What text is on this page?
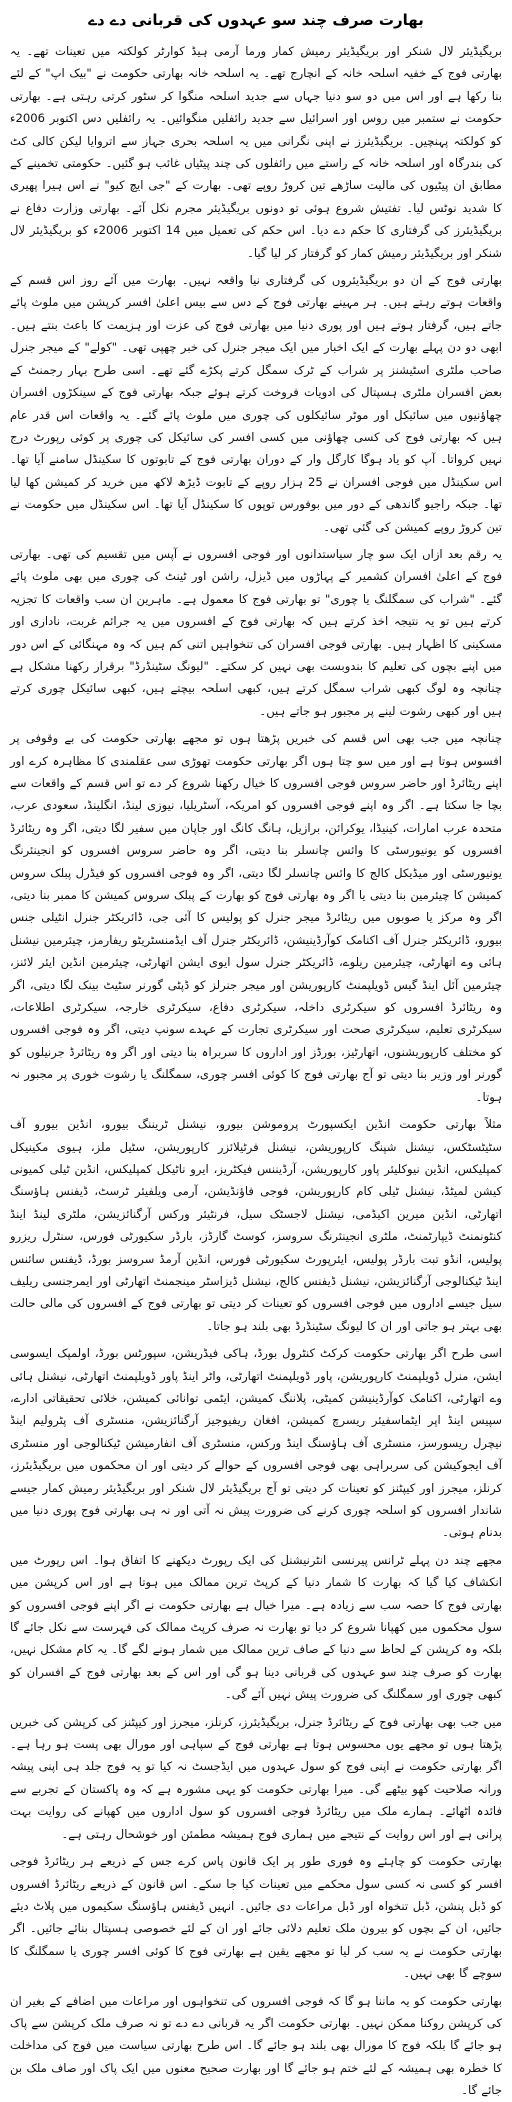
بھارت صرف چند سو عہدوں کی قربانی دے دے

بریگیڈیئر لال شنکر اور بریگیڈیئر رمیش کمار ورما آرمی ہیڈ کوارٹر کولکتہ میں تعینات تھے۔ یہ بھارتی فوج کے خفیہ اسلحہ خانہ کے انچارج تھے۔ یہ اسلحہ خانہ بھارتی حکومت نے "بیک اپ" کے لئے بنا رکھا ہے اور اس میں دو سو دنیا جہاں سے جدید اسلحہ منگوا کر سٹور کرتی رہتی ہے۔ بھارتی حکومت نے ستمبر میں روس اور اسرائیل سے جدید رائفلیں منگوائیں۔ یہ رائفلیں دس اکتوبر 2006ء کو کولکتہ پہنچیں۔ بریگیڈیئرز نے اپنی نگرانی میں یہ اسلحہ بحری جہاز سے اتروایا لیکن کالی کٹ کی بندرگاہ اور اسلحہ خانہ کے راستے میں رائفلوں کی چند پیٹیاں غائب ہو گئیں۔ حکومتی تخمینے کے مطابق ان پیٹیوں کی مالیت ساڑھے تین کروڑ روپے تھی۔ بھارت کے "جی ایچ کیو" نے اس ہیرا پھیری کا شدید نوٹس لیا۔ تفتیش شروع ہوئی تو دونوں بریگیڈیئر مجرم نکل آئے۔ بھارتی وزارت دفاع نے بریگیڈیئرز کی گرفتاری کا حکم دے دیا۔ اس حکم کی تعمیل میں 14 اکتوبر 2006ء کو بریگیڈیئر لال شنکر اور بریگیڈیئر رمیش کمار کو گرفتار کر لیا گیا۔

بھارتی فوج کے ان دو بریگیڈیئروں کی گرفتاری نیا واقعہ نہیں۔ بھارت میں آئے روز اس قسم کے واقعات ہوتے رہتے ہیں۔ ہر مہینے بھارتی فوج کے دس سے بیس اعلیٰ افسر کرپشن میں ملوث پائے جاتے ہیں، گرفتار ہوتے ہیں اور پوری دنیا میں بھارتی فوج کی عزت اور ہزیمت کا باعث بنتے ہیں۔ ابھی دو دن پہلے بھارت کے ایک اخبار میں ایک میجر جنرل کی خبر چھپی تھی۔ "کولے" کے میجر جنرل صاحب ملٹری اسٹیشنز پر شراب کے ٹرک سمگل کرتے پکڑے گئے تھے۔ اسی طرح بہار رجمنٹ کے بعض افسران ملٹری ہسپتال کی ادویات فروخت کرتے ہوئے جبکہ بھارتی فوج کے سینکڑوں افسران چھاؤنیوں میں سائیکل اور موٹر سائیکلوں کی چوری میں ملوث پائے گئے۔ یہ واقعات اس قدر عام ہیں کہ بھارتی فوج کی کسی چھاؤنی میں کسی افسر کی سائیکل کی چوری پر کوئی رپورٹ درج نہیں کرواتا۔ آپ کو یاد ہوگا کارگل وار کے دوران بھارتی فوج کے تابوتوں کا سکینڈل سامنے آیا تھا۔ اس سکینڈل میں فوجی افسران نے 25 ہزار روپے کے تابوت ڈیڑھ لاکھ میں خرید کر کمیشن کھا لیا تھا۔ جبکہ راجیو گاندھی کے دور میں بوفورس توپوں کا سکینڈل آیا تھا۔ اس سکینڈل میں حکومت نے تین کروڑ روپے کمیشن کی گئی تھی۔

یہ رقم بعد ازاں ایک سو چار سیاستدانوں اور فوجی افسروں نے آپس میں تقسیم کی تھی۔ بھارتی فوج کے اعلیٰ افسران کشمیر کے پہاڑوں میں ڈیزل، راشن اور ٹینٹ کی چوری میں بھی ملوث پائے گئے۔ "شراب کی سمگلنگ یا چوری" تو بھارتی فوج کا معمول ہے۔ ماہرین ان سب واقعات کا تجزیہ کرتے ہیں تو یہ نتیجہ اخذ کرتے ہیں کہ بھارتی فوج کے افسروں میں یہ جرائم غربت، ناداری اور مسکینی کا اظہار ہیں۔ بھارتی فوجی افسران کی تنخواہیں اتنی کم ہیں کہ وہ مہنگائی کے اس دور میں اپنے بچوں کی تعلیم کا بندوبست بھی نہیں کر سکتے۔ "لیونگ سٹینڈرڈ" برقرار رکھنا مشکل ہے چنانچہ وہ لوگ کبھی شراب سمگل کرتے ہیں، کبھی اسلحہ بیچتے ہیں، کبھی سائیکل چوری کرتے ہیں اور کبھی رشوت لینے پر مجبور ہو جاتے ہیں۔

چنانچہ میں جب بھی اس قسم کی خبریں پڑھتا ہوں تو مجھے بھارتی حکومت کی بے وقوفی پر افسوس ہوتا ہے اور میں سو چتا ہوں اگر بھارتی حکومت تھوڑی سی عقلمندی کا مظاہرہ کرے اور اپنے ریٹائرڈ اور حاضر سروس فوجی افسروں کا خیال رکھنا شروع کر دے تو اس قسم کے واقعات سے بچا جا سکتا ہے۔ اگر وہ اپنے فوجی افسروں کو امریکہ، آسٹریلیا، نیوزی لینڈ، انگلینڈ، سعودی عرب، متحدہ عرب امارات، کینیڈا، یوکرائن، برازیل، ہانگ کانگ اور جاپان میں سفیر لگا دیتی، اگر وہ ریٹائرڈ افسروں کو یونیورسٹی کا وائس چانسلر بنا دیتی، اگر وہ حاضر سروس افسروں کو انجینئرنگ یونیورسٹی اور میڈیکل کالج کا وائس چانسلر لگا دیتی، اگر وہ فوجی افسروں کو فیڈرل پبلک سروس کمیشن کا چیئرمین بنا دیتی یا اگر وہ بھارتی فوج کو بھارت کے پبلک سروس کمیشن کا ممبر بنا دیتی، اگر وہ مرکز یا صوبوں میں ریٹائرڈ میجر جنرل کو پولیس کا آئی جی، ڈائریکٹر جنرل انٹیلی جنس بیورو، ڈائریکٹر جنرل آف اکنامک کوآرڈینیشن، ڈائریکٹر جنرل آف ایڈمنسٹریٹو ریفارمز، چیئرمین نیشنل ہائی وے اتھارٹی، چیئرمین ریلوے، ڈائریکٹر جنرل سول ایوی ایشن اتھارٹی، چیئرمین انڈین ایئر لائنز، چیئرمین آئل اینڈ گیس ڈویلپمنٹ کارپوریشن اور میجر جنرلز کو ڈپٹی گورنر سٹیٹ بینک لگا دیتی، اگر وہ ریٹائرڈ افسروں کو سیکرٹری داخلہ، سیکرٹری دفاع، سیکرٹری خارجہ، سیکرٹری اطلاعات، سیکرٹری تعلیم، سیکرٹری صحت اور سیکرٹری تجارت کے عہدے سونپ دیتی، اگر وہ فوجی افسروں کو مختلف کارپوریشنوں، اتھارٹیز، بورڈز اور اداروں کا سربراہ بنا دیتی اور اگر وہ ریٹائرڈ جرنیلوں کو گورنر اور وزیر بنا دیتی تو آج بھارتی فوج کا کوئی افسر چوری، سمگلنگ یا رشوت خوری پر مجبور نہ ہوتا۔

مثلاً بھارتی حکومت انڈین ایکسپورٹ پروموشن بیورو، نیشنل ٹریننگ بیورو، انڈین بیورو آف سٹیٹسٹکس، نیشنل شپنگ کارپوریشن، نیشنل فرٹیلائزر کارپوریشن، سٹیل ملز، ہیوی مکینیکل کمپلیکس، انڈین نیوکلیئر پاور کارپوریشن، آرڈیننس فیکٹریز، ایرو ناٹیکل کمپلیکس، انڈین ٹیلی کمیونی کیشن لمیٹڈ، نیشنل ٹیلی کام کارپوریشن، فوجی فاؤنڈیشن، آرمی ویلفیئر ٹرسٹ، ڈیفنس ہاؤسنگ اتھارٹی، انڈین میرین اکیڈمی، نیشنل لاجسٹک سیل، فرنٹیئر ورکس آرگنائزیشن، ملٹری لینڈ اینڈ کنٹونمنٹ ڈیپارٹمنٹ، ملٹری انجینئرنگ سروسز، کوسٹ گارڈز، بارڈر سکیورٹی فورس، سنٹرل ریزرو پولیس، انڈو تبت بارڈر پولیس، ایئرپورٹ سکیورٹی فورس، انڈین آرمڈ سروسز بورڈ، ڈیفنس سائنس اینڈ ٹیکنالوجی آرگنائزیشن، نیشنل ڈیفنس کالج، نیشنل ڈیزاسٹر مینجمنٹ اتھارٹی اور ایمرجنسی ریلیف سیل جیسے اداروں میں فوجی افسروں کو تعینات کر دیتی تو بھارتی فوج کے افسروں کی مالی حالت بھی بہتر ہو جاتی اور ان کا لیونگ سٹینڈرڈ بھی بلند ہو جاتا۔

اسی طرح اگر بھارتی حکومت کرکٹ کنٹرول بورڈ، ہاکی فیڈریشن، سپورٹس بورڈ، اولمپک ایسوسی ایشن، منرل ڈویلپمنٹ کارپوریشن، پاور ڈویلپمنٹ اتھارٹی، واٹر اینڈ پاور ڈویلپمنٹ اتھارٹی، نیشنل ہائی وے اتھارٹی، اکنامک کوآرڈینیشن کمیٹی، پلاننگ کمیشن، ایٹمی توانائی کمیشن، خلائی تحقیقاتی ادارے، سپیس اینڈ اپر ایٹماسفیئر ریسرچ کمیشن، افغان ریفیوجیز آرگنائزیشن، منسٹری آف پٹرولیم اینڈ نیچرل ریسورسز، منسٹری آف ہاؤسنگ اینڈ ورکس، منسٹری آف انفارمیشن ٹیکنالوجی اور منسٹری آف ایجوکیشن کی سربراہی بھی فوجی افسروں کے حوالے کر دیتی اور ان محکموں میں بریگیڈیئرز، کرنلز، میجرز اور کیپٹنز کو تعینات کر دیتی تو آج بریگیڈیئر لال شنکر اور بریگیڈیئر رمیش کمار جیسے شاندار افسروں کو اسلحہ چوری کرنے کی ضرورت پیش نہ آتی اور نہ ہی بھارتی فوج پوری دنیا میں بدنام ہوتی۔

مجھے چند دن پہلے ٹرانس پیرنسی انٹرنیشنل کی ایک رپورٹ دیکھنے کا اتفاق ہوا۔ اس رپورٹ میں انکشاف کیا گیا کہ بھارت کا شمار دنیا کے کرپٹ ترین ممالک میں ہوتا ہے اور اس کرپشن میں بھارتی فوج کا حصہ سب سے زیادہ ہے۔ میرا خیال ہے بھارتی حکومت نے اگر اپنے فوجی افسروں کو سول محکموں میں کھپانا شروع کر دیا تو بھارت نہ صرف کرپٹ ممالک کی فہرست سے نکل جائے گا بلکہ وہ کرپشن کے لحاظ سے دنیا کے صاف ترین ممالک میں شمار ہونے لگے گا۔ یہ کام مشکل نہیں، بھارت کو صرف چند سو عہدوں کی قربانی دینا ہو گی اور اس کے بعد بھارتی فوج کے افسران کو کبھی چوری اور سمگلنگ کی ضرورت پیش نہیں آئے گی۔

میں جب بھی بھارتی فوج کے ریٹائرڈ جنرل، بریگیڈیئرز، کرنلز، میجرز اور کیپٹنز کی کرپشن کی خبریں پڑھتا ہوں تو مجھے یوں محسوس ہوتا ہے بھارتی فوج کے سپاہی اور مورال بھی پست ہو رہا ہے۔ اگر بھارتی حکومت نے اپنی فوج کو سول عہدوں میں ایڈجسٹ نہ کیا تو یہ فوج جلد ہی اپنی پیشہ ورانہ صلاحیت کھو بیٹھے گی۔ میرا بھارتی حکومت کو یہی مشورہ ہے کہ وہ پاکستان کے تجربے سے فائدہ اٹھائے۔ ہمارے ملک میں ریٹائرڈ فوجی افسروں کو سول اداروں میں کھپانے کی روایت بہت پرانی ہے اور اس روایت کے نتیجے میں ہماری فوج ہمیشہ مطمئن اور خوشحال رہتی ہے۔

بھارتی حکومت کو چاہئے وہ فوری طور پر ایک قانون پاس کرے جس کے ذریعے ہر ریٹائرڈ فوجی افسر کو کسی نہ کسی سول محکمے میں تعینات کیا جا سکے۔ اس قانون کے ذریعے ریٹائرڈ افسروں کو ڈبل پنشن، ڈبل تنخواہ اور ڈبل مراعات دی جائیں۔ انہیں ڈیفنس ہاؤسنگ سکیموں میں پلاٹ دیئے جائیں، ان کے بچوں کو بیرون ملک تعلیم دلائی جائے اور ان کے لئے خصوصی ہسپتال بنائے جائیں۔ اگر بھارتی حکومت نے یہ سب کر لیا تو مجھے یقین ہے بھارتی فوج کا کوئی افسر چوری یا سمگلنگ کا سوچے گا بھی نہیں۔

بھارتی حکومت کو یہ ماننا ہو گا کہ فوجی افسروں کی تنخواہوں اور مراعات میں اضافے کے بغیر ان کی کرپشن روکنا ممکن نہیں۔ بھارتی حکومت اگر یہ قربانی دے دے تو نہ صرف ملک کرپشن سے پاک ہو جائے گا بلکہ فوج کا مورال بھی بلند ہو جائے گا۔ اس طرح بھارتی سیاست میں فوج کی مداخلت کا خطرہ بھی ہمیشہ کے لئے ختم ہو جائے گا اور بھارت صحیح معنوں میں ایک پاک اور صاف ملک بن جائے گا۔
